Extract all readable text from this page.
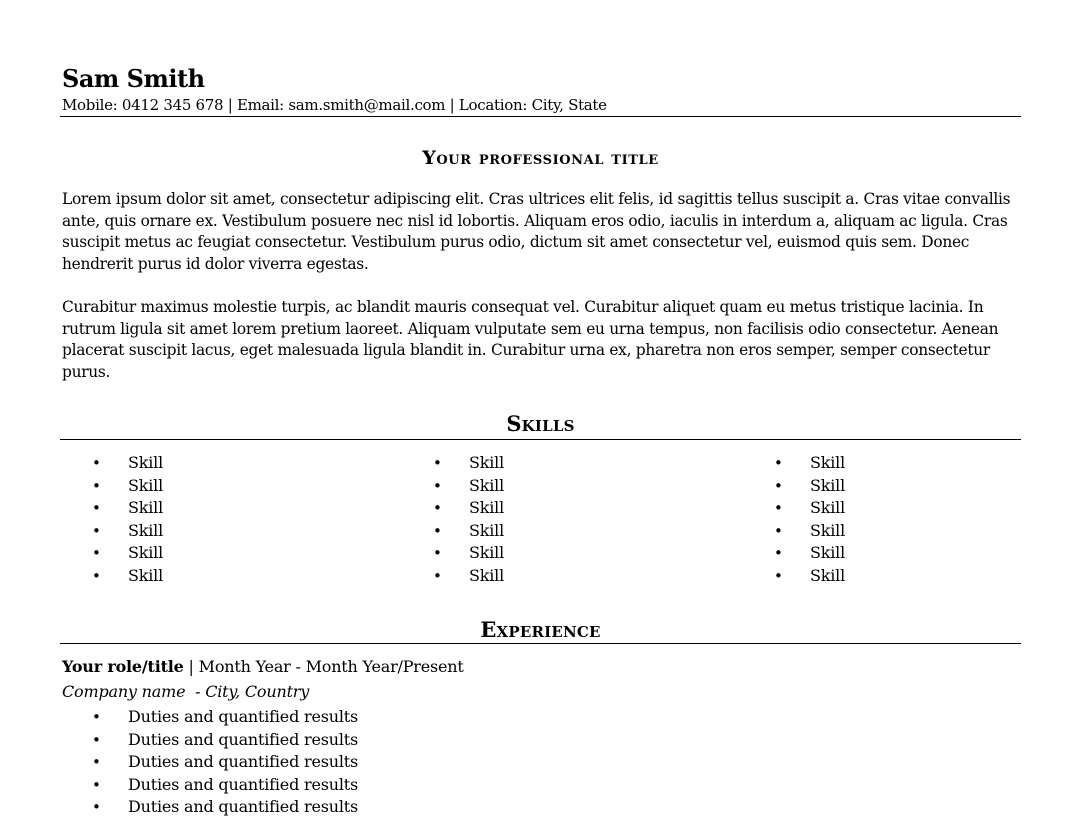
Sam Smith
Mobile: 0412 345 678 | Email: sam.smith@mail.com | Location: City, State
Your professional title

Lorem ipsum dolor sit amet, consectetur adipiscing elit. Cras ultrices elit felis, id sagittis tellus suscipit a. Cras vitae convallis ante, quis ornare ex. Vestibulum posuere nec nisl id lobortis. Aliquam eros odio, iaculis in interdum a, aliquam ac ligula. Cras suscipit metus ac feugiat consectetur. Vestibulum purus odio, dictum sit amet consectetur vel, euismod quis sem. Donec hendrerit purus id dolor viverra egestas.

Curabitur maximus molestie turpis, ac blandit mauris consequat vel. Curabitur aliquet quam eu metus tristique lacinia. In rutrum ligula sit amet lorem pretium laoreet. Aliquam vulputate sem eu urna tempus, non facilisis odio consectetur. Aenean placerat suscipit lacus, eget malesuada ligula blandit in. Curabitur urna ex, pharetra non eros semper, semper consectetur purus.

Skills
• Skill
• Skill
• Skill
• Skill
• Skill
• Skill
• Skill
• Skill
• Skill
• Skill
• Skill
• Skill
• Skill
• Skill
• Skill
• Skill
• Skill
• Skill
Experience
Your role/title | Month Year - Month Year/Present
Company name  - City, Country
• Duties and quantified results
• Duties and quantified results
• Duties and quantified results
• Duties and quantified results
• Duties and quantified results
